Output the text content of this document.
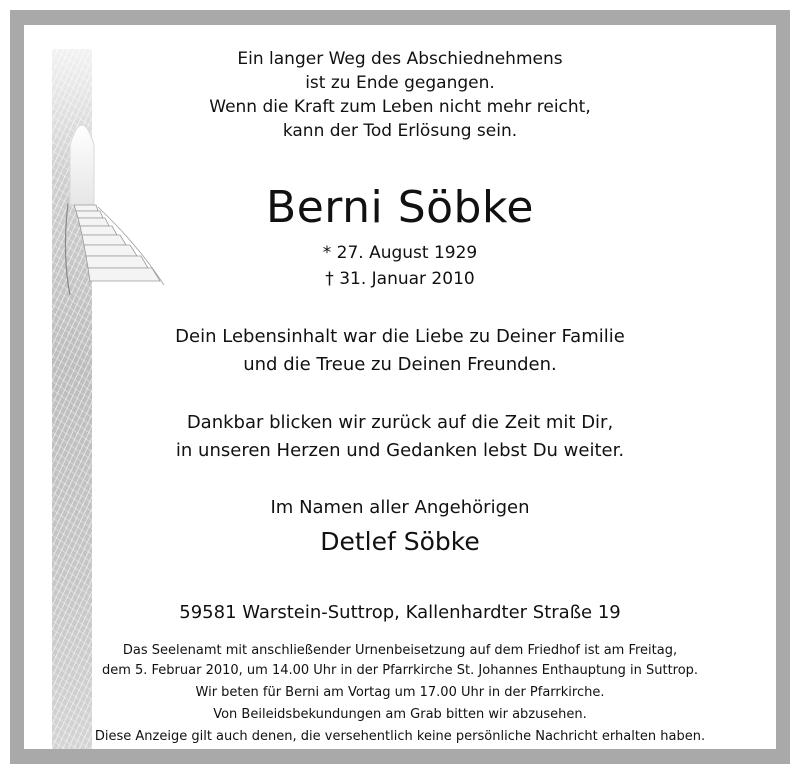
Ein langer Weg des Abschiednehmens
ist zu Ende gegangen.
Wenn die Kraft zum Leben nicht mehr reicht,
kann der Tod Erlösung sein.
Berni Söbke
* 27. August 1929
† 31. Januar 2010
Dein Lebensinhalt war die Liebe zu Deiner Familie
und die Treue zu Deinen Freunden.
Dankbar blicken wir zurück auf die Zeit mit Dir,
in unseren Herzen und Gedanken lebst Du weiter.
Im Namen aller Angehörigen
Detlef Söbke
59581 Warstein-Suttrop, Kallenhardter Straße 19
Das Seelenamt mit anschließender Urnenbeisetzung auf dem Friedhof ist am Freitag,
dem 5. Februar 2010, um 14.00 Uhr in der Pfarrkirche St. Johannes Enthauptung in Suttrop.
Wir beten für Berni am Vortag um 17.00 Uhr in der Pfarrkirche.
Von Beileidsbekundungen am Grab bitten wir abzusehen.
Diese Anzeige gilt auch denen, die versehentlich keine persönliche Nachricht erhalten haben.
